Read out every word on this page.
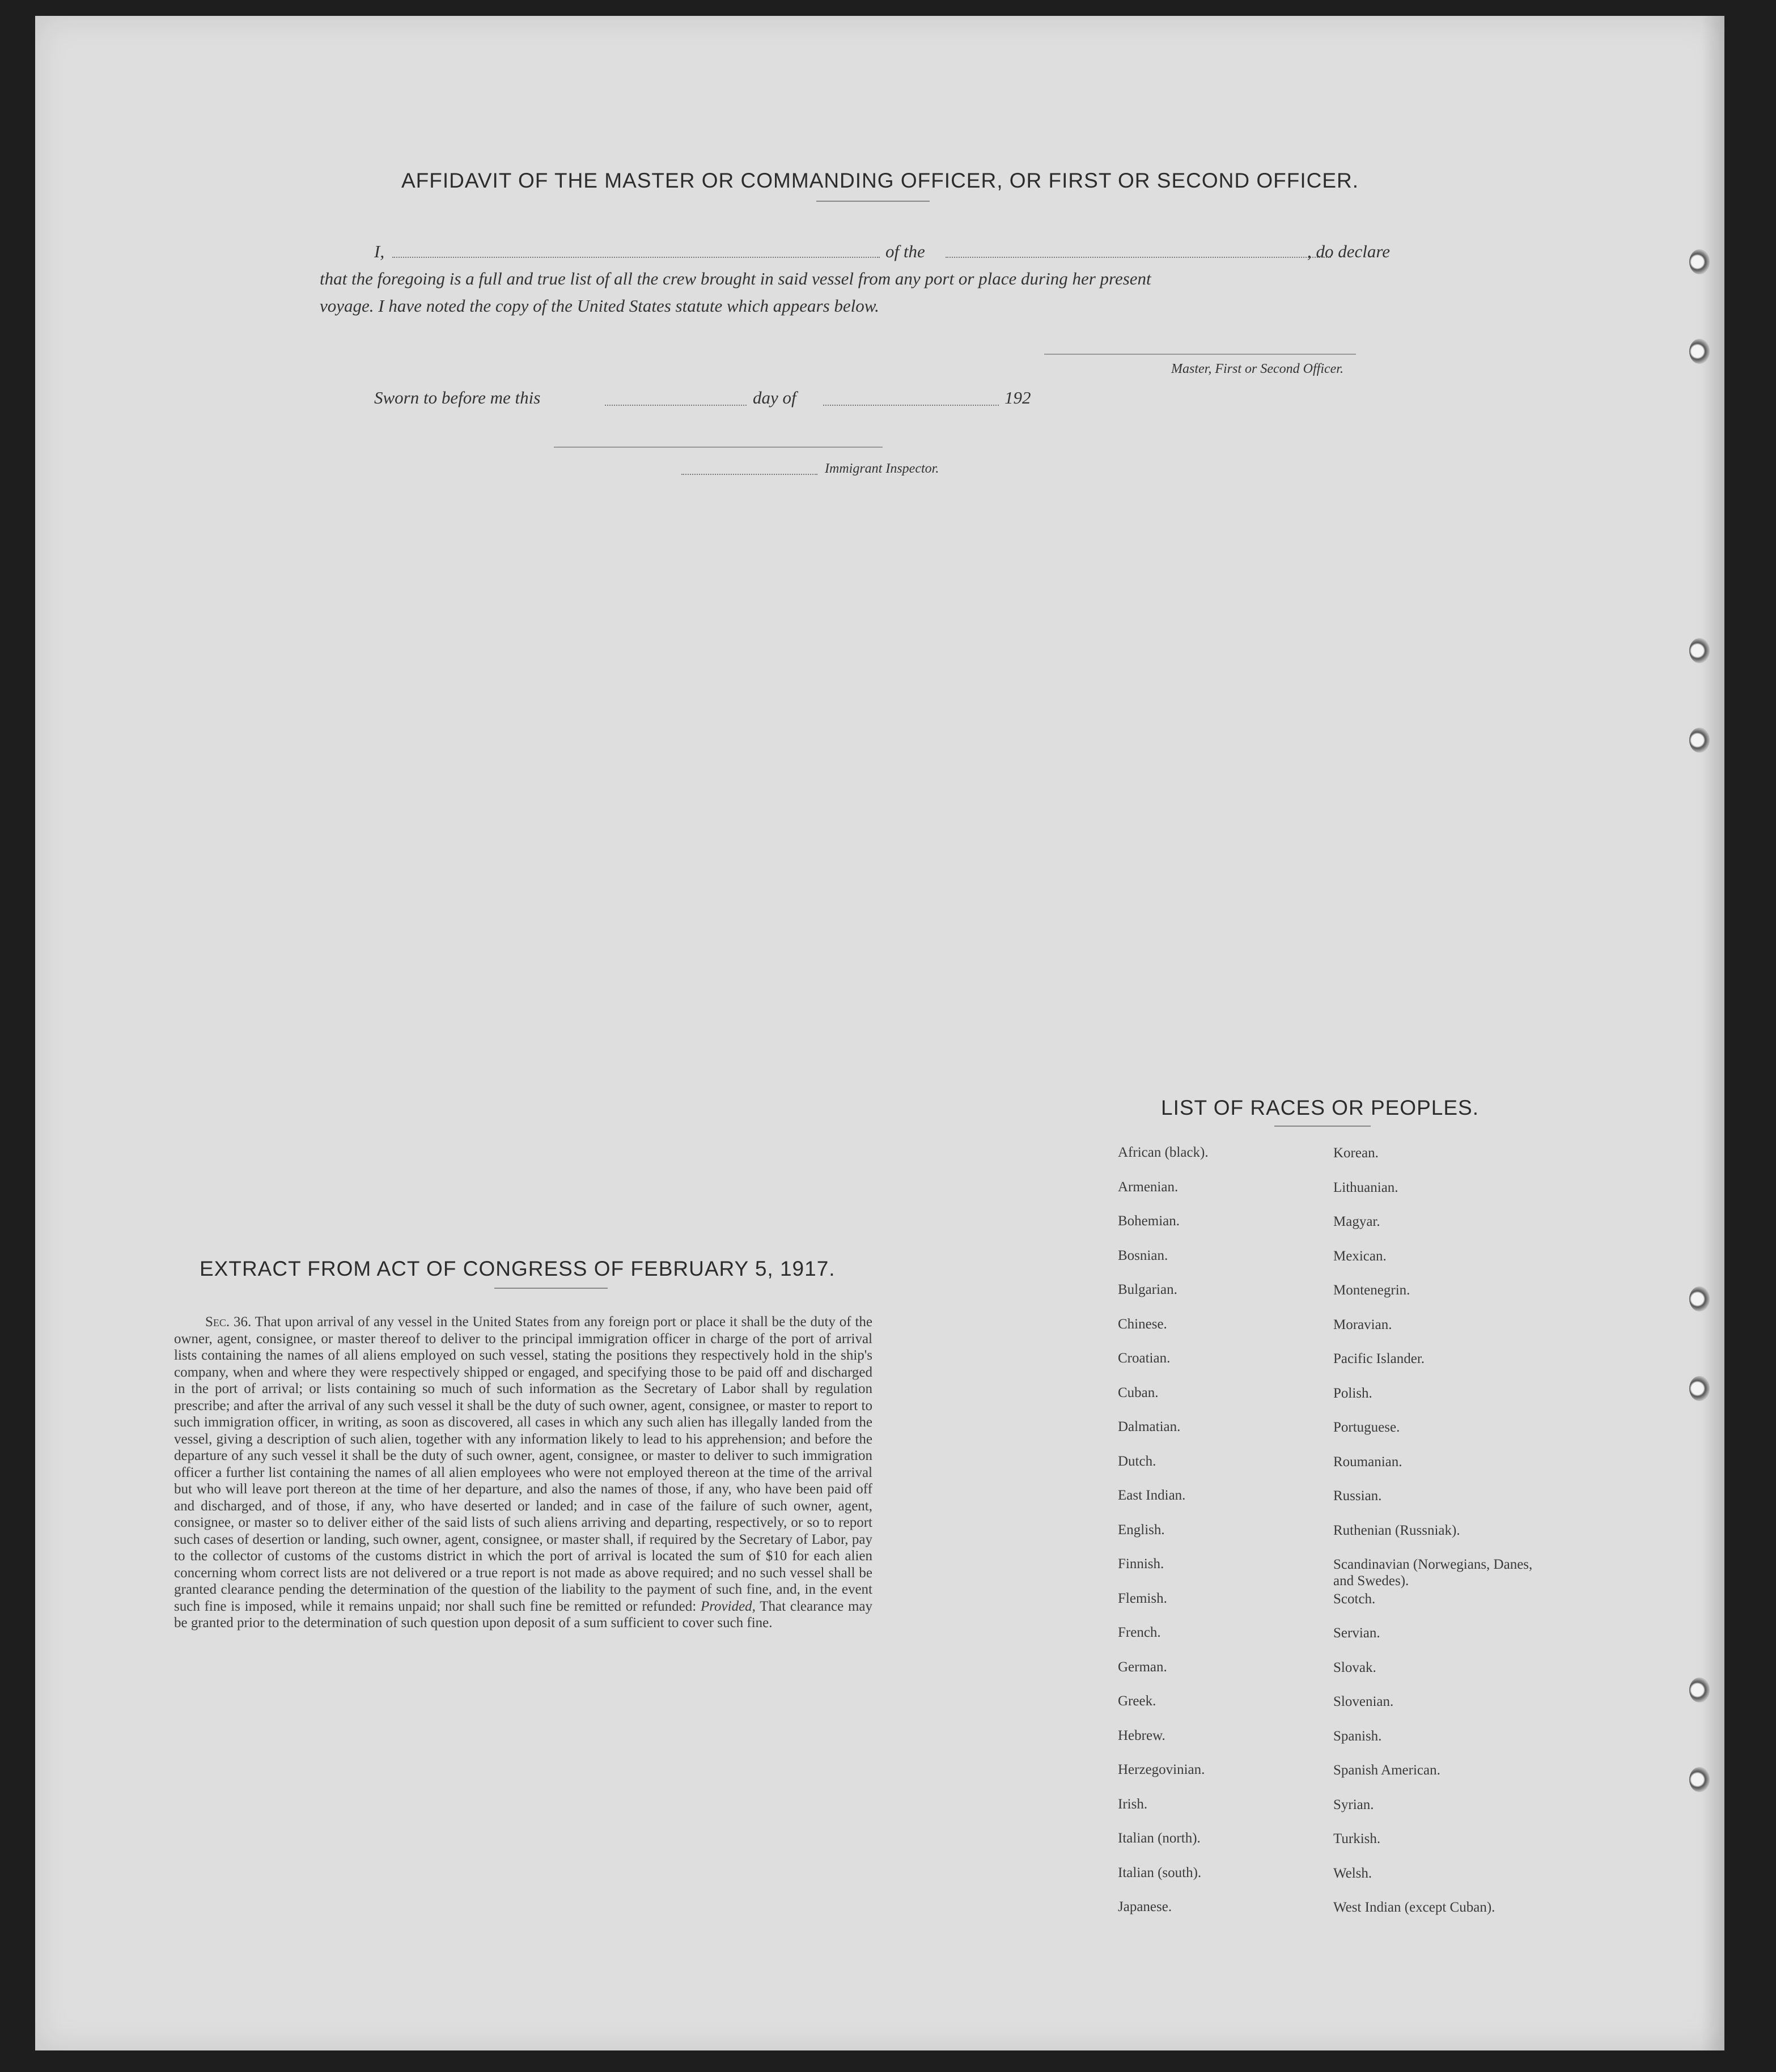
AFFIDAVIT OF THE MASTER OR COMMANDING OFFICER, OR FIRST OR SECOND OFFICER.
I,	of the	, do declare
that the foregoing is a full and true list of all the crew brought in said vessel from any port or place during her present
voyage. I have noted the copy of the United States statute which appears below.
Master, First or Second Officer.
Sworn to before me this	day of	192
Immigrant Inspector.
EXTRACT FROM ACT OF CONGRESS OF FEBRUARY 5, 1917.
Sec. 36. That upon arrival of any vessel in the United States from any foreign port or place it shall be the duty of the owner, agent, consignee, or master thereof to deliver to the principal immigration officer in charge of the port of arrival lists containing the names of all aliens employed on such vessel, stating the positions they respectively hold in the ship's company, when and where they were respectively shipped or engaged, and specifying those to be paid off and discharged in the port of arrival; or lists containing so much of such information as the Secretary of Labor shall by regulation prescribe; and after the arrival of any such vessel it shall be the duty of such owner, agent, consignee, or master to report to such immigration officer, in writing, as soon as discovered, all cases in which any such alien has illegally landed from the vessel, giving a description of such alien, together with any information likely to lead to his apprehension; and before the departure of any such vessel it shall be the duty of such owner, agent, consignee, or master to deliver to such immigration officer a further list containing the names of all alien employees who were not employed thereon at the time of the arrival but who will leave port thereon at the time of her departure, and also the names of those, if any, who have been paid off and discharged, and of those, if any, who have deserted or landed; and in case of the failure of such owner, agent, consignee, or master so to deliver either of the said lists of such aliens arriving and departing, respectively, or so to report such cases of desertion or landing, such owner, agent, consignee, or master shall, if required by the Secretary of Labor, pay to the collector of customs of the customs district in which the port of arrival is located the sum of $10 for each alien concerning whom correct lists are not delivered or a true report is not made as above required; and no such vessel shall be granted clearance pending the determination of the question of the liability to the payment of such fine, and, in the event such fine is imposed, while it remains unpaid; nor shall such fine be remitted or refunded: Provided, That clearance may be granted prior to the determination of such question upon deposit of a sum sufficient to cover such fine.
LIST OF RACES OR PEOPLES.
African (black).	Korean.
Armenian.	Lithuanian.
Bohemian.	Magyar.
Bosnian.	Mexican.
Bulgarian.	Montenegrin.
Chinese.	Moravian.
Croatian.	Pacific Islander.
Cuban.	Polish.
Dalmatian.	Portuguese.
Dutch.	Roumanian.
East Indian.	Russian.
English.	Ruthenian (Russniak).
Finnish.	Scandinavian (Norwegians, Danes, and Swedes).
Flemish.	Scotch.
French.	Servian.
German.	Slovak.
Greek.	Slovenian.
Hebrew.	Spanish.
Herzegovinian.	Spanish American.
Irish.	Syrian.
Italian (north).	Turkish.
Italian (south).	Welsh.
Japanese.	West Indian (except Cuban).
